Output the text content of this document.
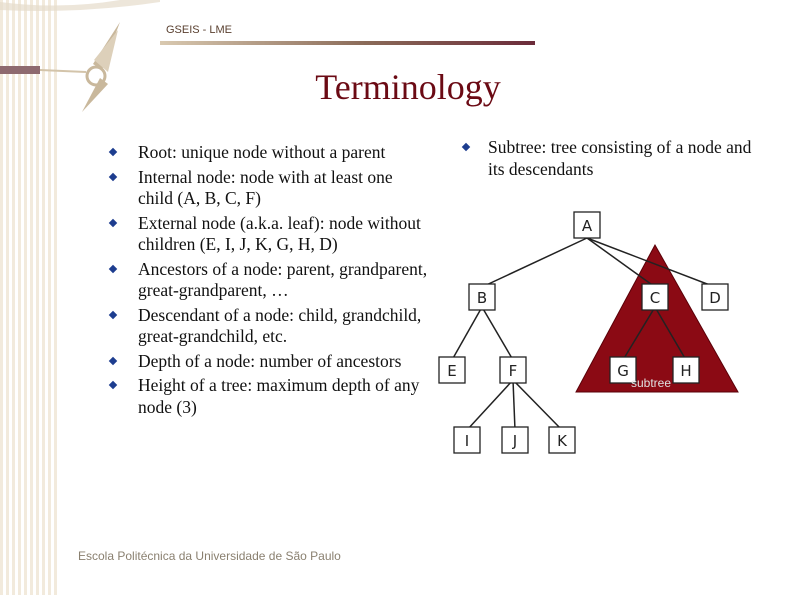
GSEIS - LME
Terminology
Root: unique node without a parent
Internal node: node with at least one child (A, B, C, F)
External node (a.k.a. leaf): node without children (E, I, J, K, G, H, D)
Ancestors of a node: parent, grandparent, great-grandparent, …
Descendant of a node: child, grandchild, great-grandchild, etc.
Depth of a node: number of ancestors
Height of a tree: maximum depth of any node (3)
Subtree: tree consisting of a node and its descendants
A
B	C	D
E	F	G	H
I	J	K
subtree
Escola Politécnica da Universidade de São Paulo
